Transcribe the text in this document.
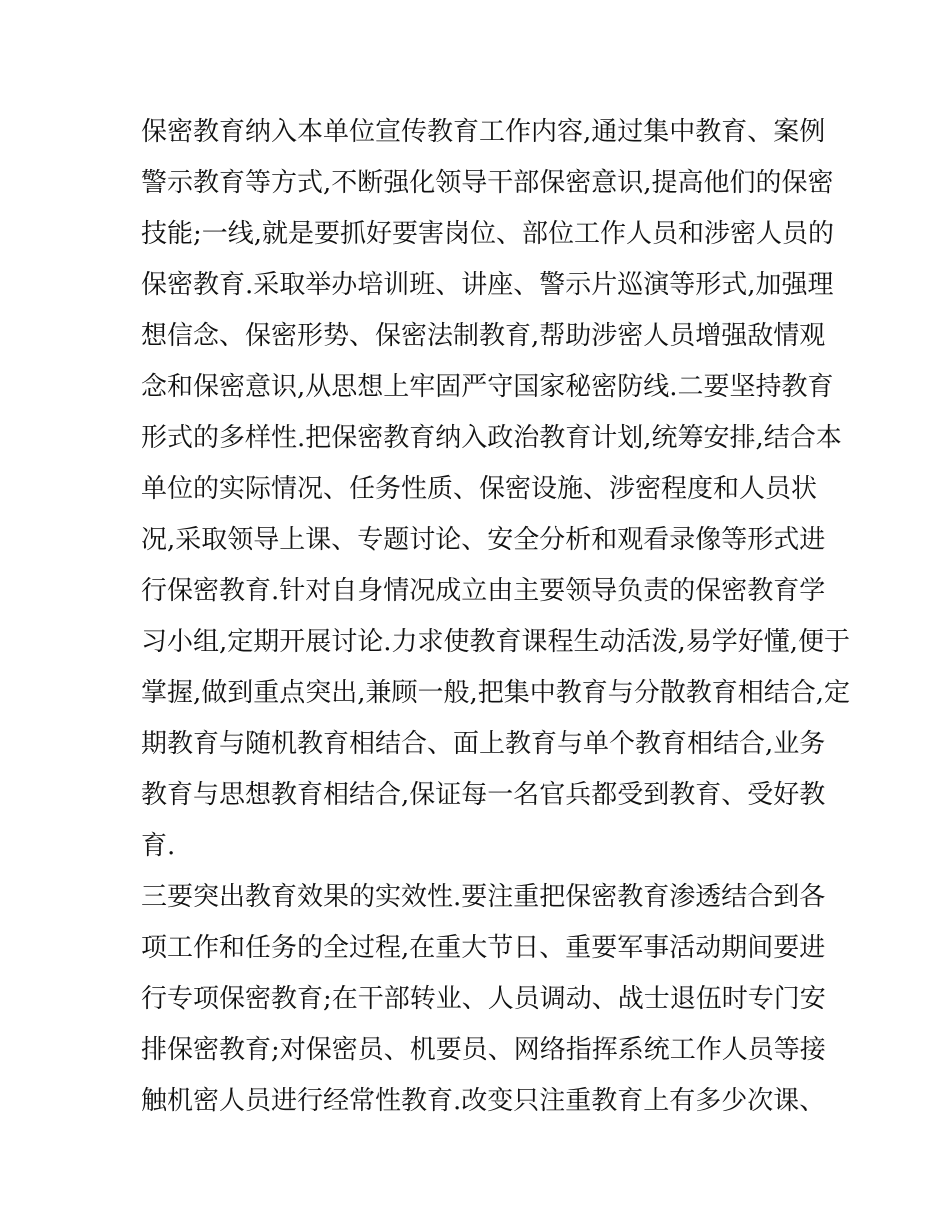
保密教育纳入本单位宣传教育工作内容,通过集中教育、案例
警示教育等方式,不断强化领导干部保密意识,提高他们的保密
技能;一线,就是要抓好要害岗位、部位工作人员和涉密人员的
保密教育.采取举办培训班、讲座、警示片巡演等形式,加强理
想信念、保密形势、保密法制教育,帮助涉密人员增强敌情观
念和保密意识,从思想上牢固严守国家秘密防线.二要坚持教育
形式的多样性.把保密教育纳入政治教育计划,统筹安排,结合本
单位的实际情况、任务性质、保密设施、涉密程度和人员状
况,采取领导上课、专题讨论、安全分析和观看录像等形式进
行保密教育.针对自身情况成立由主要领导负责的保密教育学
习小组,定期开展讨论.力求使教育课程生动活泼,易学好懂,便于
掌握,做到重点突出,兼顾一般,把集中教育与分散教育相结合,定
期教育与随机教育相结合、面上教育与单个教育相结合,业务
教育与思想教育相结合,保证每一名官兵都受到教育、受好教
育.
三要突出教育效果的实效性.要注重把保密教育渗透结合到各
项工作和任务的全过程,在重大节日、重要军事活动期间要进
行专项保密教育;在干部转业、人员调动、战士退伍时专门安
排保密教育;对保密员、机要员、网络指挥系统工作人员等接
触机密人员进行经常性教育.改变只注重教育上有多少次课、
